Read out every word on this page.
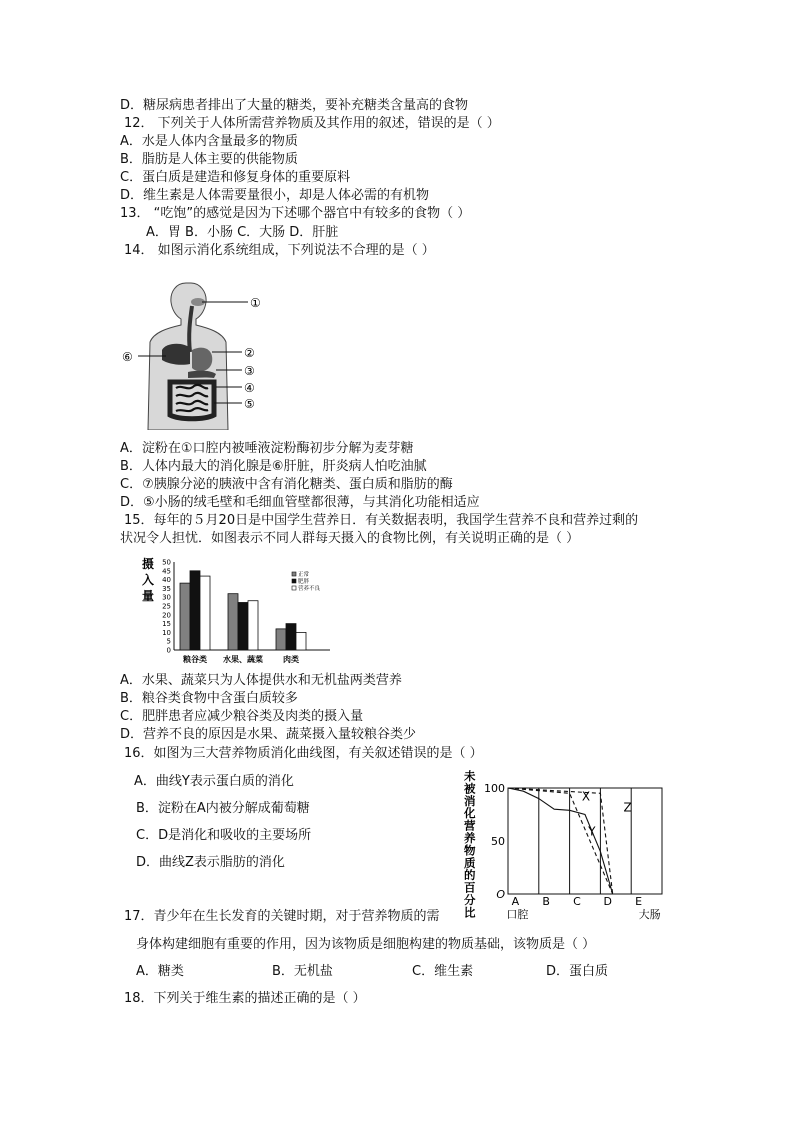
D．糖尿病患者排出了大量的糖类，要补充糖类含量高的食物
12． 下列关于人体所需营养物质及其作用的叙述，错误的是（ ）
A．水是人体内含量最多的物质
B．脂肪是人体主要的供能物质
C．蛋白质是建造和修复身体的重要原料
D．维生素是人体需要量很小，却是人体必需的有机物
13． “吃饱”的感觉是因为下述哪个器官中有较多的食物（ ）
A．胃 B．小肠 C．大肠 D．肝脏
14． 如图示消化系统组成，下列说法不合理的是（ ）
①
②
③
④
⑤
⑥
A．淀粉在①口腔内被唾液淀粉酶初步分解为麦芽糖
B．人体内最大的消化腺是⑥肝脏，肝炎病人怕吃油腻
C．⑦胰腺分泌的胰液中含有消化糖类、蛋白质和脂肪的酶
D．⑤小肠的绒毛壁和毛细血管壁都很薄，与其消化功能相适应
15．每年的５月20日是中国学生营养日．有关数据表明，我国学生营养不良和营养过剩的
状况令人担忧．如图表示不同人群每天摄入的食物比例，有关说明正确的是（ ）
摄
入
量
0
5
10
15
20
25
30
35
40
45
50
正常
肥胖
营养不良
粮谷类 水果、蔬菜	肉类
A．水果、蔬菜只为人体提供水和无机盐两类营养
B．粮谷类食物中含蛋白质较多
C．肥胖患者应减少粮谷类及肉类的摄入量
D．营养不良的原因是水果、蔬菜摄入量较粮谷类少
16．如图为三大营养物质消化曲线图，有关叙述错误的是（ ）
A．曲线Y表示蛋白质的消化
B．淀粉在A内被分解成葡萄糖
C．D是消化和吸收的主要场所
D．曲线Z表示脂肪的消化
未
被
消
化
营
养
物
质
的
百
分
比
100
50
O
X
Y
Z
A B C D E
口腔	大肠
17．青少年在生长发育的关键时期，对于营养物质的需
身体构建细胞有重要的作用，因为该物质是细胞构建的物质基础，该物质是（ ）
A．糖类	B．无机盐	C．维生素	D．蛋白质
18．下列关于维生素的描述正确的是（ ）
